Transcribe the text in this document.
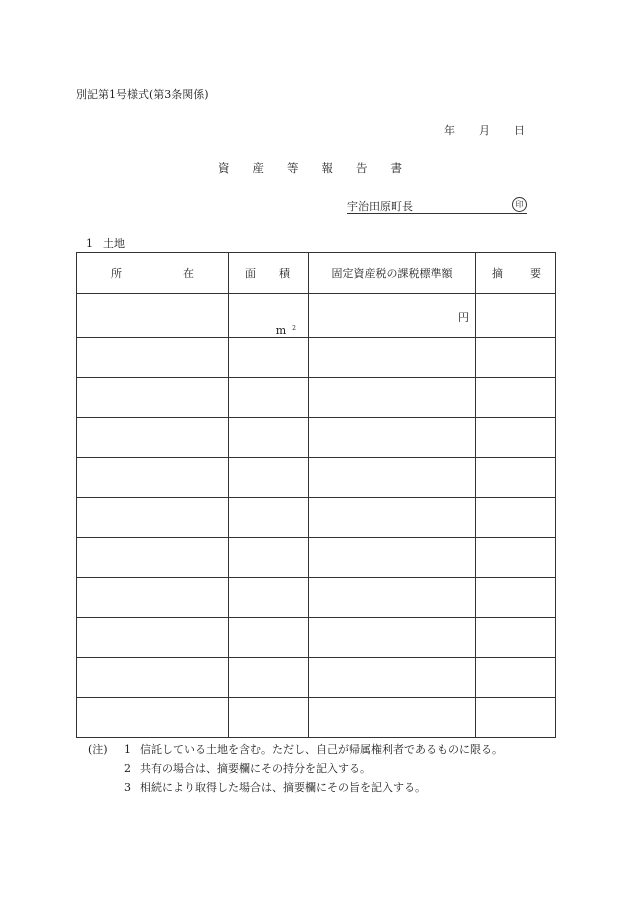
別記第1号様式(第3条関係)
年 月 日
資 産 等 報 告 書
宇治田原町長	印
1 土地
所 在	面 積	固定資産税の課税標準額	摘 要

	m 2	円	

(注)	1 信託している土地を含む。ただし、自己が帰属権利者であるものに限る。
2 共有の場合は、摘要欄にその持分を記入する。
3 相続により取得した場合は、摘要欄にその旨を記入する。
